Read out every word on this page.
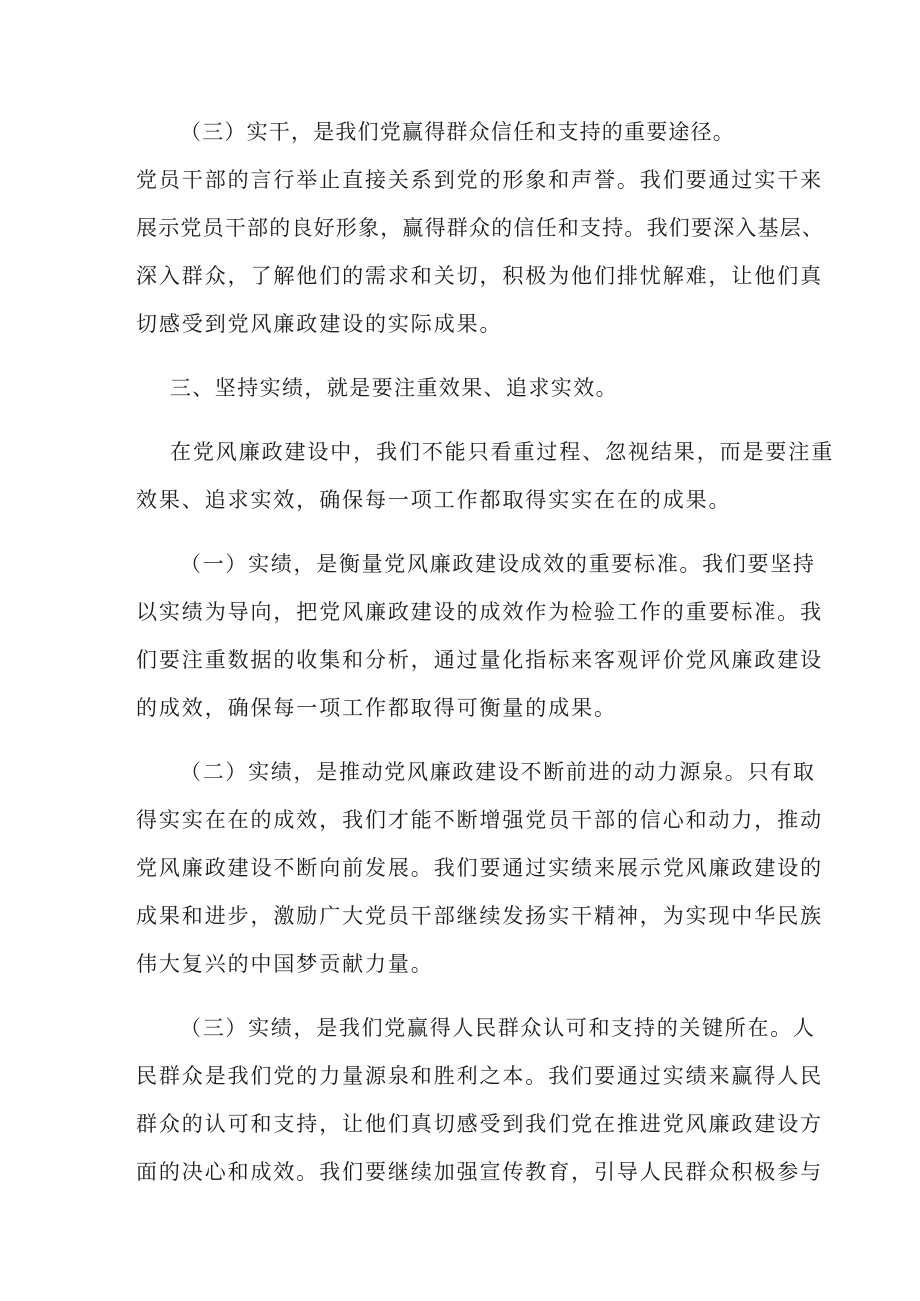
（三）实干，是我们党赢得群众信任和支持的重要途径。
党员干部的言行举止直接关系到党的形象和声誉。我们要通过实干来
展示党员干部的良好形象，赢得群众的信任和支持。我们要深入基层、
深入群众，了解他们的需求和关切，积极为他们排忧解难，让他们真
切感受到党风廉政建设的实际成果。
三、坚持实绩，就是要注重效果、追求实效。
在党风廉政建设中，我们不能只看重过程、忽视结果，而是要注重
效果、追求实效，确保每一项工作都取得实实在在的成果。
（一）实绩，是衡量党风廉政建设成效的重要标准。我们要坚持
以实绩为导向，把党风廉政建设的成效作为检验工作的重要标准。我
们要注重数据的收集和分析，通过量化指标来客观评价党风廉政建设
的成效，确保每一项工作都取得可衡量的成果。
（二）实绩，是推动党风廉政建设不断前进的动力源泉。只有取
得实实在在的成效，我们才能不断增强党员干部的信心和动力，推动
党风廉政建设不断向前发展。我们要通过实绩来展示党风廉政建设的
成果和进步，激励广大党员干部继续发扬实干精神，为实现中华民族
伟大复兴的中国梦贡献力量。
（三）实绩，是我们党赢得人民群众认可和支持的关键所在。人
民群众是我们党的力量源泉和胜利之本。我们要通过实绩来赢得人民
群众的认可和支持，让他们真切感受到我们党在推进党风廉政建设方
面的决心和成效。我们要继续加强宣传教育，引导人民群众积极参与
